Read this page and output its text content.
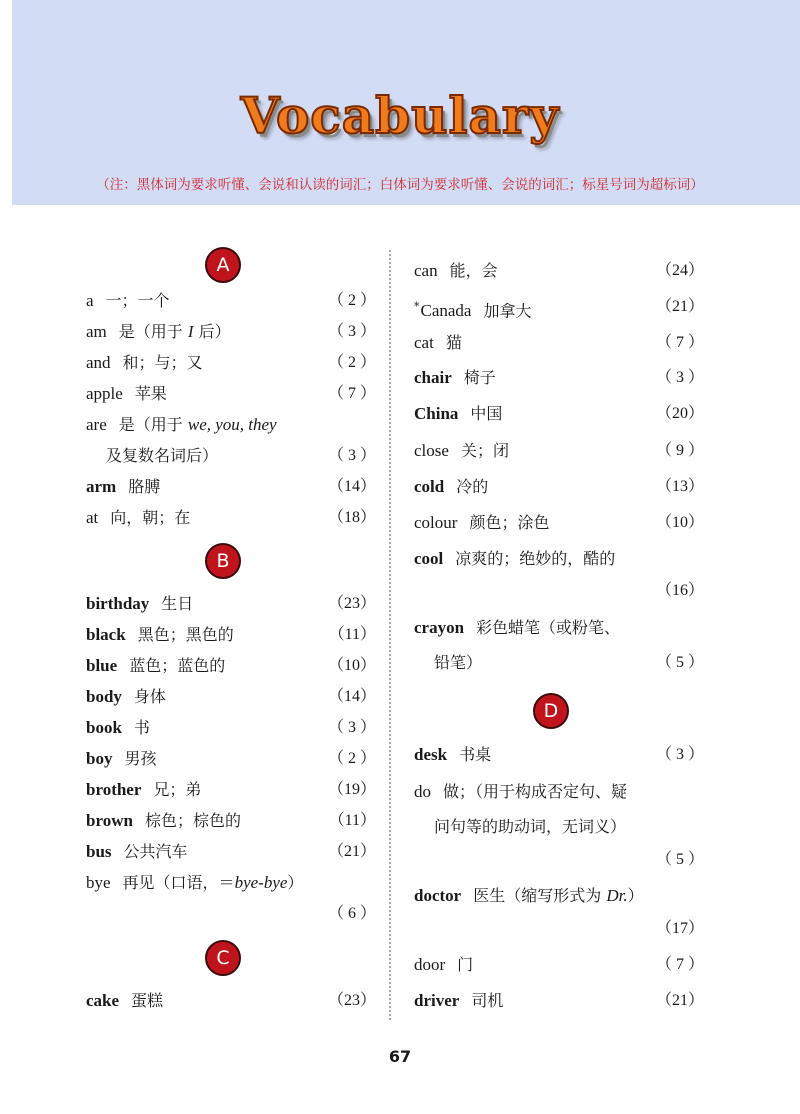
Vocabulary
（注：黑体词为要求听懂、会说和认读的词汇；白体词为要求听懂、会说的词汇；标星号词为超标词）
A
B
C
D
a 一；一个	（ 2 ）
am 是（用于 I 后）	（ 3 ）
and 和；与；又	（ 2 ）
apple 苹果	（ 7 ）
are 是（用于 we, you, they
及复数名词后）	（ 3 ）
arm 胳膊	（14）
at 向，朝；在	（18）
birthday 生日	（23）
black 黑色；黑色的	（11）
blue 蓝色；蓝色的	（10）
body 身体	（14）
book 书	（ 3 ）
boy 男孩	（ 2 ）
brother 兄；弟	（19）
brown 棕色；棕色的	（11）
bus 公共汽车	（21）
bye 再见（口语，＝bye-bye）
（ 6 ）
cake 蛋糕	（23）
can 能，会	（24）
*Canada 加拿大	（21）
cat 猫	（ 7 ）
chair 椅子	（ 3 ）
China 中国	（20）
close 关；闭	（ 9 ）
cold 冷的	（13）
colour 颜色；涂色	（10）
cool 凉爽的；绝妙的，酷的
（16）
crayon 彩色蜡笔（或粉笔、
铅笔）	（ 5 ）
desk 书桌	（ 3 ）
do 做；（用于构成否定句、疑
问句等的助动词，无词义）
（ 5 ）
doctor 医生（缩写形式为 Dr.）
（17）
door 门	（ 7 ）
driver 司机	（21）
67
